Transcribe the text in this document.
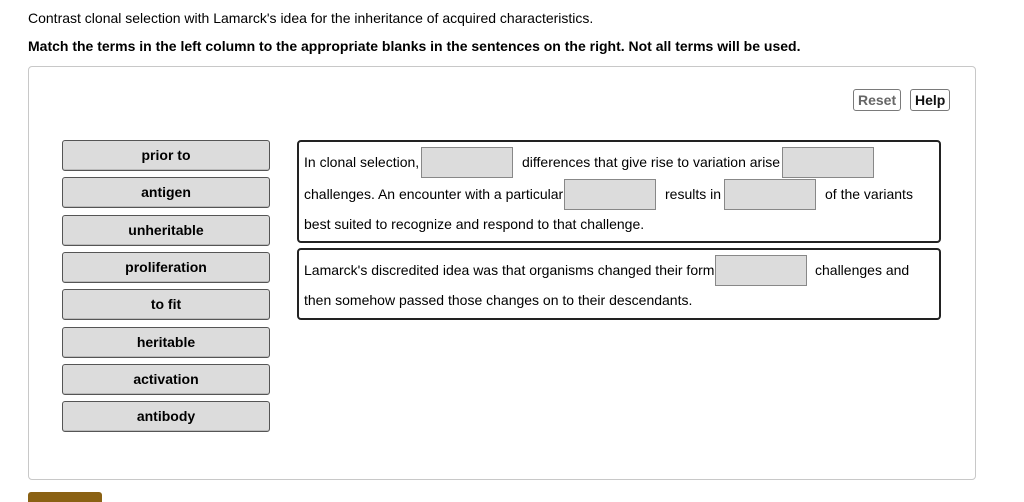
Contrast clonal selection with Lamarck's idea for the inheritance of acquired characteristics.
Match the terms in the left column to the appropriate blanks in the sentences on the right. Not all terms will be used.
Reset	Help
prior to
antigen
unheritable
proliferation
to fit
heritable
activation
antibody
In clonal selection,	differences that give rise to variation arise
challenges. An encounter with a particular	results in	of the variants
best suited to recognize and respond to that challenge.
Lamarck's discredited idea was that organisms changed their form	challenges and
then somehow passed those changes on to their descendants.
